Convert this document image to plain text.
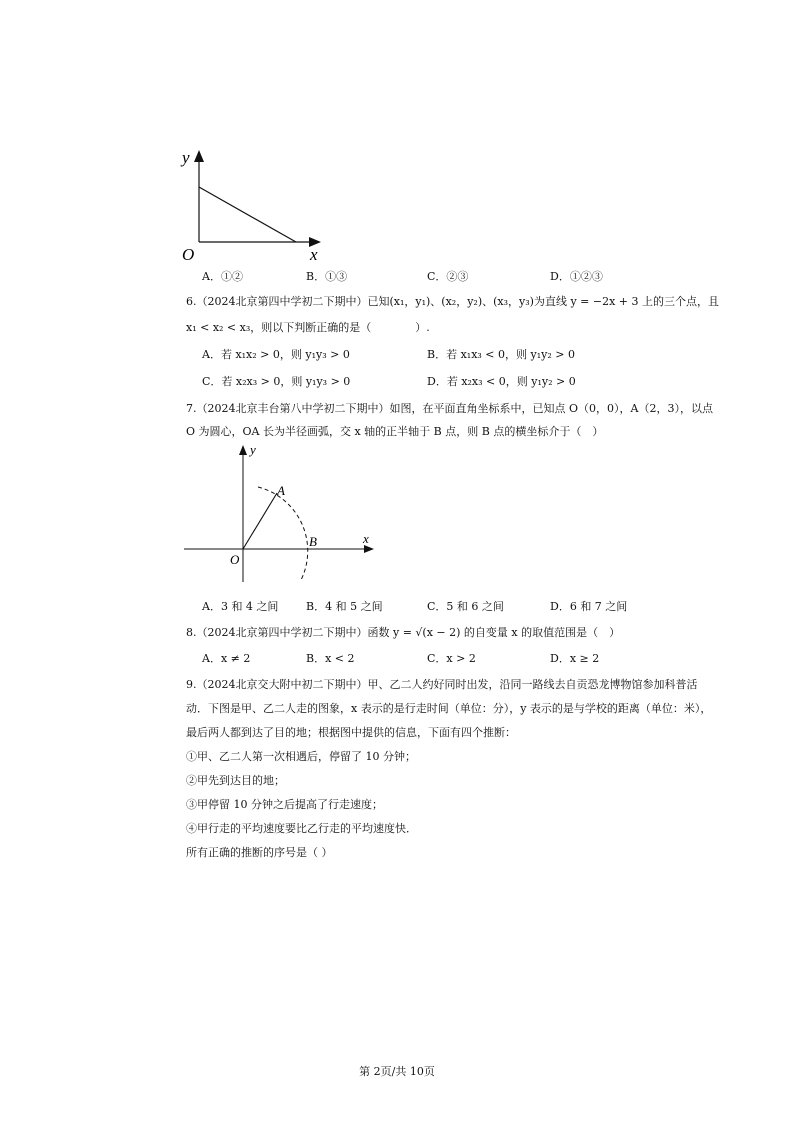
y
O	x
A．①②	B．①③	C．②③	D．①②③
6.（2024北京第四中学初二下期中）已知(x₁，y₁)、(x₂，y₂)、(x₃，y₃)为直线 y = −2x + 3 上的三个点，且
x₁ < x₂ < x₃，则以下判断正确的是（　　　　）.
A．若 x₁x₂ > 0，则 y₁y₃ > 0	B．若 x₁x₃ < 0，则 y₁y₂ > 0
C．若 x₂x₃ > 0，则 y₁y₃ > 0	D．若 x₂x₃ < 0，则 y₁y₂ > 0
7.（2024北京丰台第八中学初二下期中）如图，在平面直角坐标系中，已知点 O（0，0），A（2，3），以点
O 为圆心，OA 长为半径画弧，交 x 轴的正半轴于 B 点，则 B 点的横坐标介于（　）
y
x
A
B
O
A．3 和 4 之间	B．4 和 5 之间	C．5 和 6 之间	D．6 和 7 之间
8.（2024北京第四中学初二下期中）函数 y = √(x − 2) 的自变量 x 的取值范围是（　）
A．x ≠ 2	B．x < 2	C．x > 2	D．x ≥ 2
9.（2024北京交大附中初二下期中）甲、乙二人约好同时出发，沿同一路线去自贡恐龙博物馆参加科普活
动．下图是甲、乙二人走的图象，x 表示的是行走时间（单位：分），y 表示的是与学校的距离（单位：米），
最后两人都到达了目的地；根据图中提供的信息，下面有四个推断：
①甲、乙二人第一次相遇后，停留了 10 分钟；
②甲先到达目的地；
③甲停留 10 分钟之后提高了行走速度；
④甲行走的平均速度要比乙行走的平均速度快．
所有正确的推断的序号是（ ）
第 2页/共 10页
